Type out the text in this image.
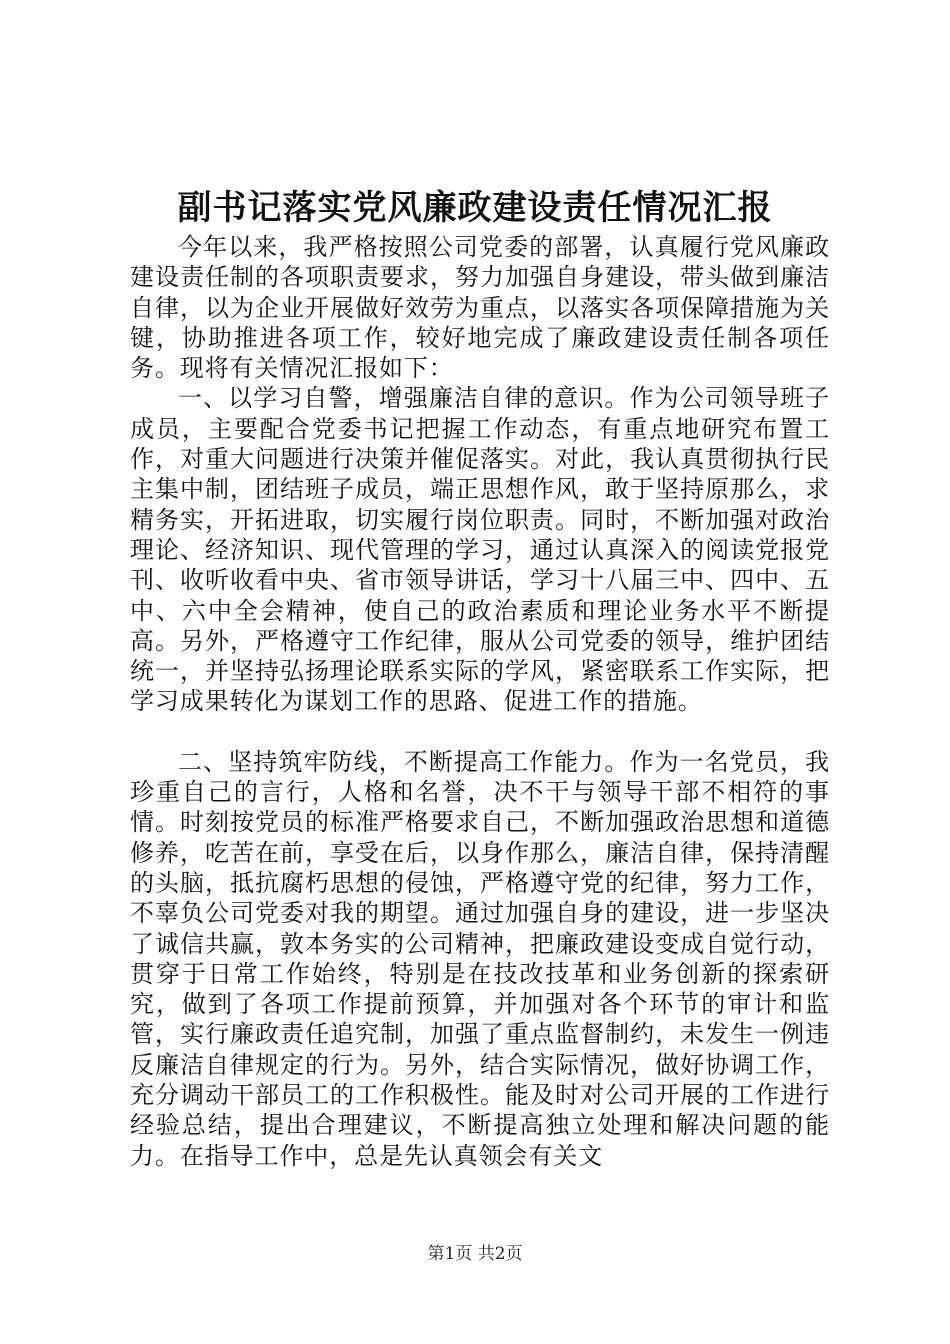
副书记落实党风廉政建设责任情况汇报

今年以来，我严格按照公司党委的部署，认真履行党风廉政建设责任制的各项职责要求，努力加强自身建设，带头做到廉洁自律，以为企业开展做好效劳为重点，以落实各项保障措施为关键，协助推进各项工作，较好地完成了廉政建设责任制各项任务。现将有关情况汇报如下：

一、以学习自警，增强廉洁自律的意识。作为公司领导班子成员，主要配合党委书记把握工作动态，有重点地研究布置工作，对重大问题进行决策并催促落实。对此，我认真贯彻执行民主集中制，团结班子成员，端正思想作风，敢于坚持原那么，求精务实，开拓进取，切实履行岗位职责。同时，不断加强对政治理论、经济知识、现代管理的学习，通过认真深入的阅读党报党刊、收听收看中央、省市领导讲话，学习十八届三中、四中、五中、六中全会精神，使自己的政治素质和理论业务水平不断提高。另外，严格遵守工作纪律，服从公司党委的领导，维护团结统一，并坚持弘扬理论联系实际的学风，紧密联系工作实际，把学习成果转化为谋划工作的思路、促进工作的措施。

二、坚持筑牢防线，不断提高工作能力。作为一名党员，我珍重自己的言行，人格和名誉，决不干与领导干部不相符的事情。时刻按党员的标准严格要求自己，不断加强政治思想和道德修养，吃苦在前，享受在后，以身作那么，廉洁自律，保持清醒的头脑，抵抗腐朽思想的侵蚀，严格遵守党的纪律，努力工作，不辜负公司党委对我的期望。通过加强自身的建设，进一步坚决了诚信共赢，敦本务实的公司精神，把廉政建设变成自觉行动，贯穿于日常工作始终，特别是在技改技革和业务创新的探索研究，做到了各项工作提前预算，并加强对各个环节的审计和监管，实行廉政责任追究制，加强了重点监督制约，未发生一例违反廉洁自律规定的行为。另外，结合实际情况，做好协调工作，充分调动干部员工的工作积极性。能及时对公司开展的工作进行经验总结，提出合理建议，不断提高独立处理和解决问题的能力。在指导工作中，总是先认真领会有关文

第1页 共2页
